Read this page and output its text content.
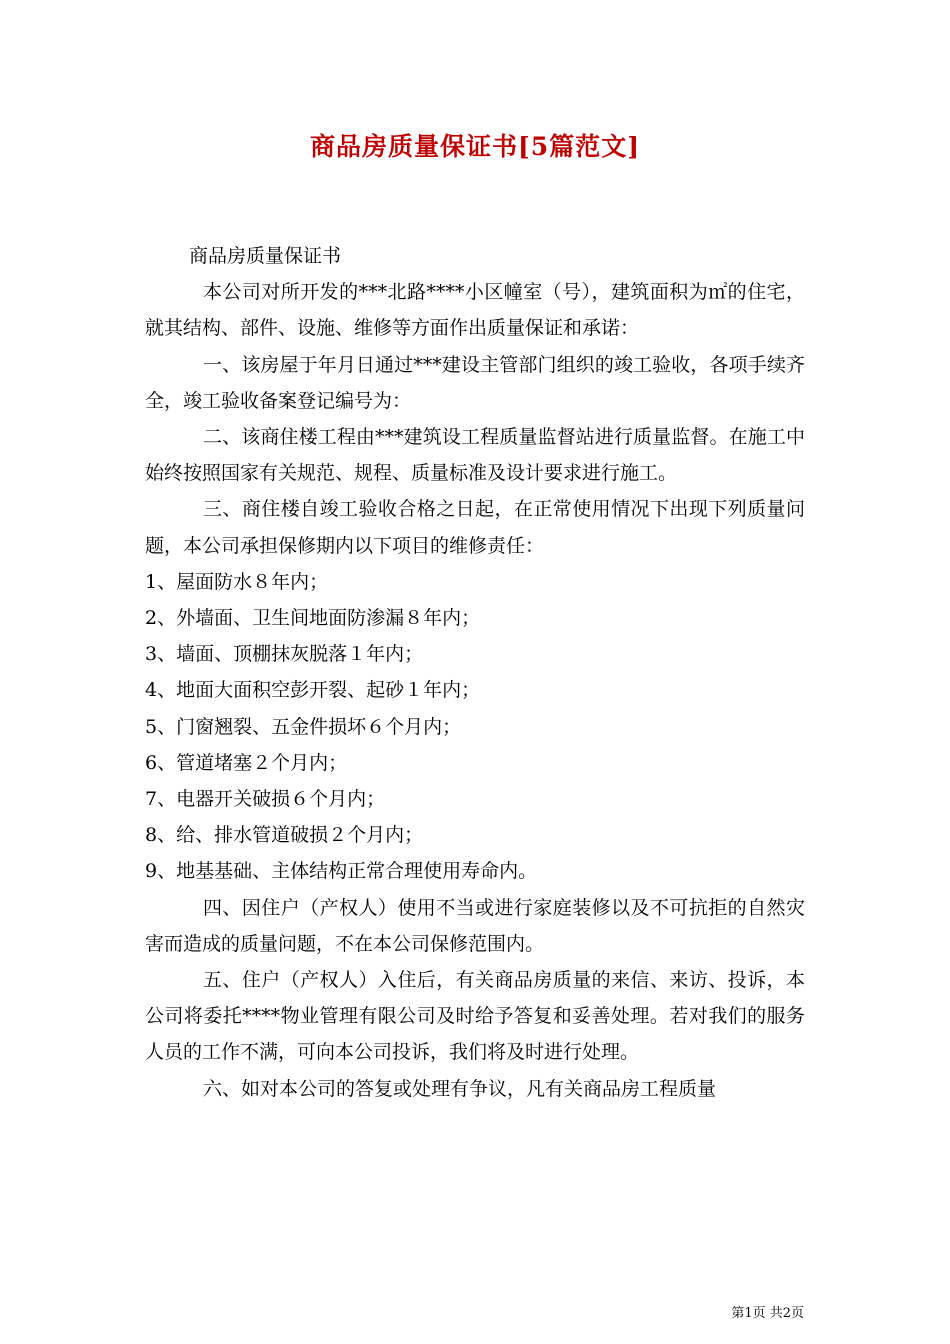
商品房质量保证书[5篇范文]

商品房质量保证书

本公司对所开发的***北路****小区幢室（号），建筑面积为㎡的住宅，就其结构、部件、设施、维修等方面作出质量保证和承诺：

一、该房屋于年月日通过***建设主管部门组织的竣工验收，各项手续齐全，竣工验收备案登记编号为：

二、该商住楼工程由***建筑设工程质量监督站进行质量监督。在施工中始终按照国家有关规范、规程、质量标准及设计要求进行施工。

三、商住楼自竣工验收合格之日起，在正常使用情况下出现下列质量问题，本公司承担保修期内以下项目的维修责任：

1、屋面防水８年内；

2、外墙面、卫生间地面防渗漏８年内；

3、墙面、顶棚抹灰脱落１年内；

4、地面大面积空彭开裂、起砂１年内；

5、门窗翘裂、五金件损坏６个月内；

6、管道堵塞２个月内；

7、电器开关破损６个月内；

8、给、排水管道破损２个月内；

9、地基基础、主体结构正常合理使用寿命内。

四、因住户（产权人）使用不当或进行家庭装修以及不可抗拒的自然灾害而造成的质量问题，不在本公司保修范围内。

五、住户（产权人）入住后，有关商品房质量的来信、来访、投诉，本公司将委托****物业管理有限公司及时给予答复和妥善处理。若对我们的服务人员的工作不满，可向本公司投诉，我们将及时进行处理。

六、如对本公司的答复或处理有争议，凡有关商品房工程质量

第1页 共2页
